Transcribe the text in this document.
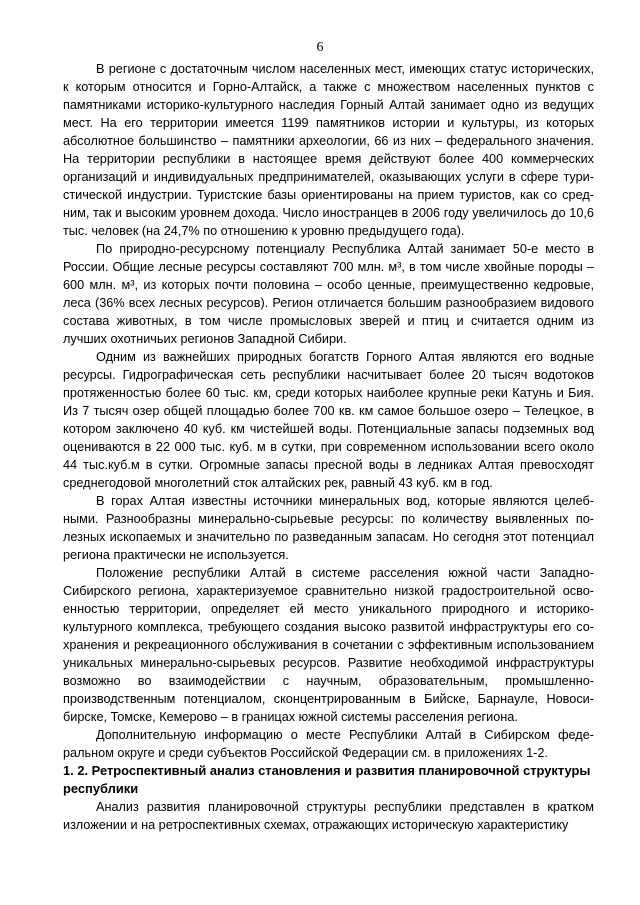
6

В регионе с достаточным числом населенных мест, имеющих статус исторических, к которым относится и Горно-Алтайск, а также с множеством населенных пунктов с памятниками историко-культурного наследия Горный Алтай занимает одно из ведущих мест. На его территории имеется 1199 памятников истории и культуры, из которых абсолютное большинство – памятники археологии, 66 из них – федерального значения. На территории республики в настоящее время действуют более 400 коммерческих организаций и индивидуальных предпринимателей, оказывающих услуги в сфере туристической индустрии. Туристские базы ориентированы на прием туристов, как со средним, так и высоким уровнем дохода. Число иностранцев в 2006 году увеличилось до 10,6 тыс. человек (на 24,7% по отношению к уровню предыдущего года).

По природно-ресурсному потенциалу Республика Алтай занимает 50-е место в России. Общие лесные ресурсы составляют 700 млн. м³, в том числе хвойные породы – 600 млн. м³, из которых почти половина – особо ценные, преимущественно кедровые, леса (36% всех лесных ресурсов). Регион отличается большим разнообразием видового состава животных, в том числе промысловых зверей и птиц и считается одним из лучших охотничьих регионов Западной Сибири.

Одним из важнейших природных богатств Горного Алтая являются его водные ресурсы. Гидрографическая сеть республики насчитывает более 20 тысяч водотоков протяженностью более 60 тыс. км, среди которых наиболее крупные реки Катунь и Бия. Из 7 тысяч озер общей площадью более 700 кв. км самое большое озеро – Телецкое, в котором заключено 40 куб. км чистейшей воды. Потенциальные запасы подземных вод оцениваются в 22 000 тыс. куб. м в сутки, при современном использовании всего около 44 тыс.куб.м в сутки. Огромные запасы пресной воды в ледниках Алтая превосходят среднегодовой многолетний сток алтайских рек, равный 43 куб. км в год.

В горах Алтая известны источники минеральных вод, которые являются целебными. Разнообразны минерально-сырьевые ресурсы: по количеству выявленных полезных ископаемых и значительно по разведанным запасам. Но сегодня этот потенциал региона практически не используется.

Положение республики Алтай в системе расселения южной части Западно-Сибирского региона, характеризуемое сравнительно низкой градостроительной освоенностью территории, определяет ей место уникального природного и историко-культурного комплекса, требующего создания высоко развитой инфраструктуры его сохранения и рекреационного обслуживания в сочетании с эффективным использованием уникальных минерально-сырьевых ресурсов. Развитие необходимой инфраструктуры возможно во взаимодействии с научным, образовательным, промышленно-производственным потенциалом, сконцентрированным в Бийске, Барнауле, Новосибирске, Томске, Кемерово – в границах южной системы расселения региона.

Дополнительную информацию о месте Республики Алтай в Сибирском федеральном округе и среди субъектов Российской Федерации см. в приложениях 1-2.

1. 2. Ретроспективный анализ становления и развития планировочной структуры республики

Анализ развития планировочной структуры республики представлен в кратком изложении и на ретроспективных схемах, отражающих историческую характеристику
